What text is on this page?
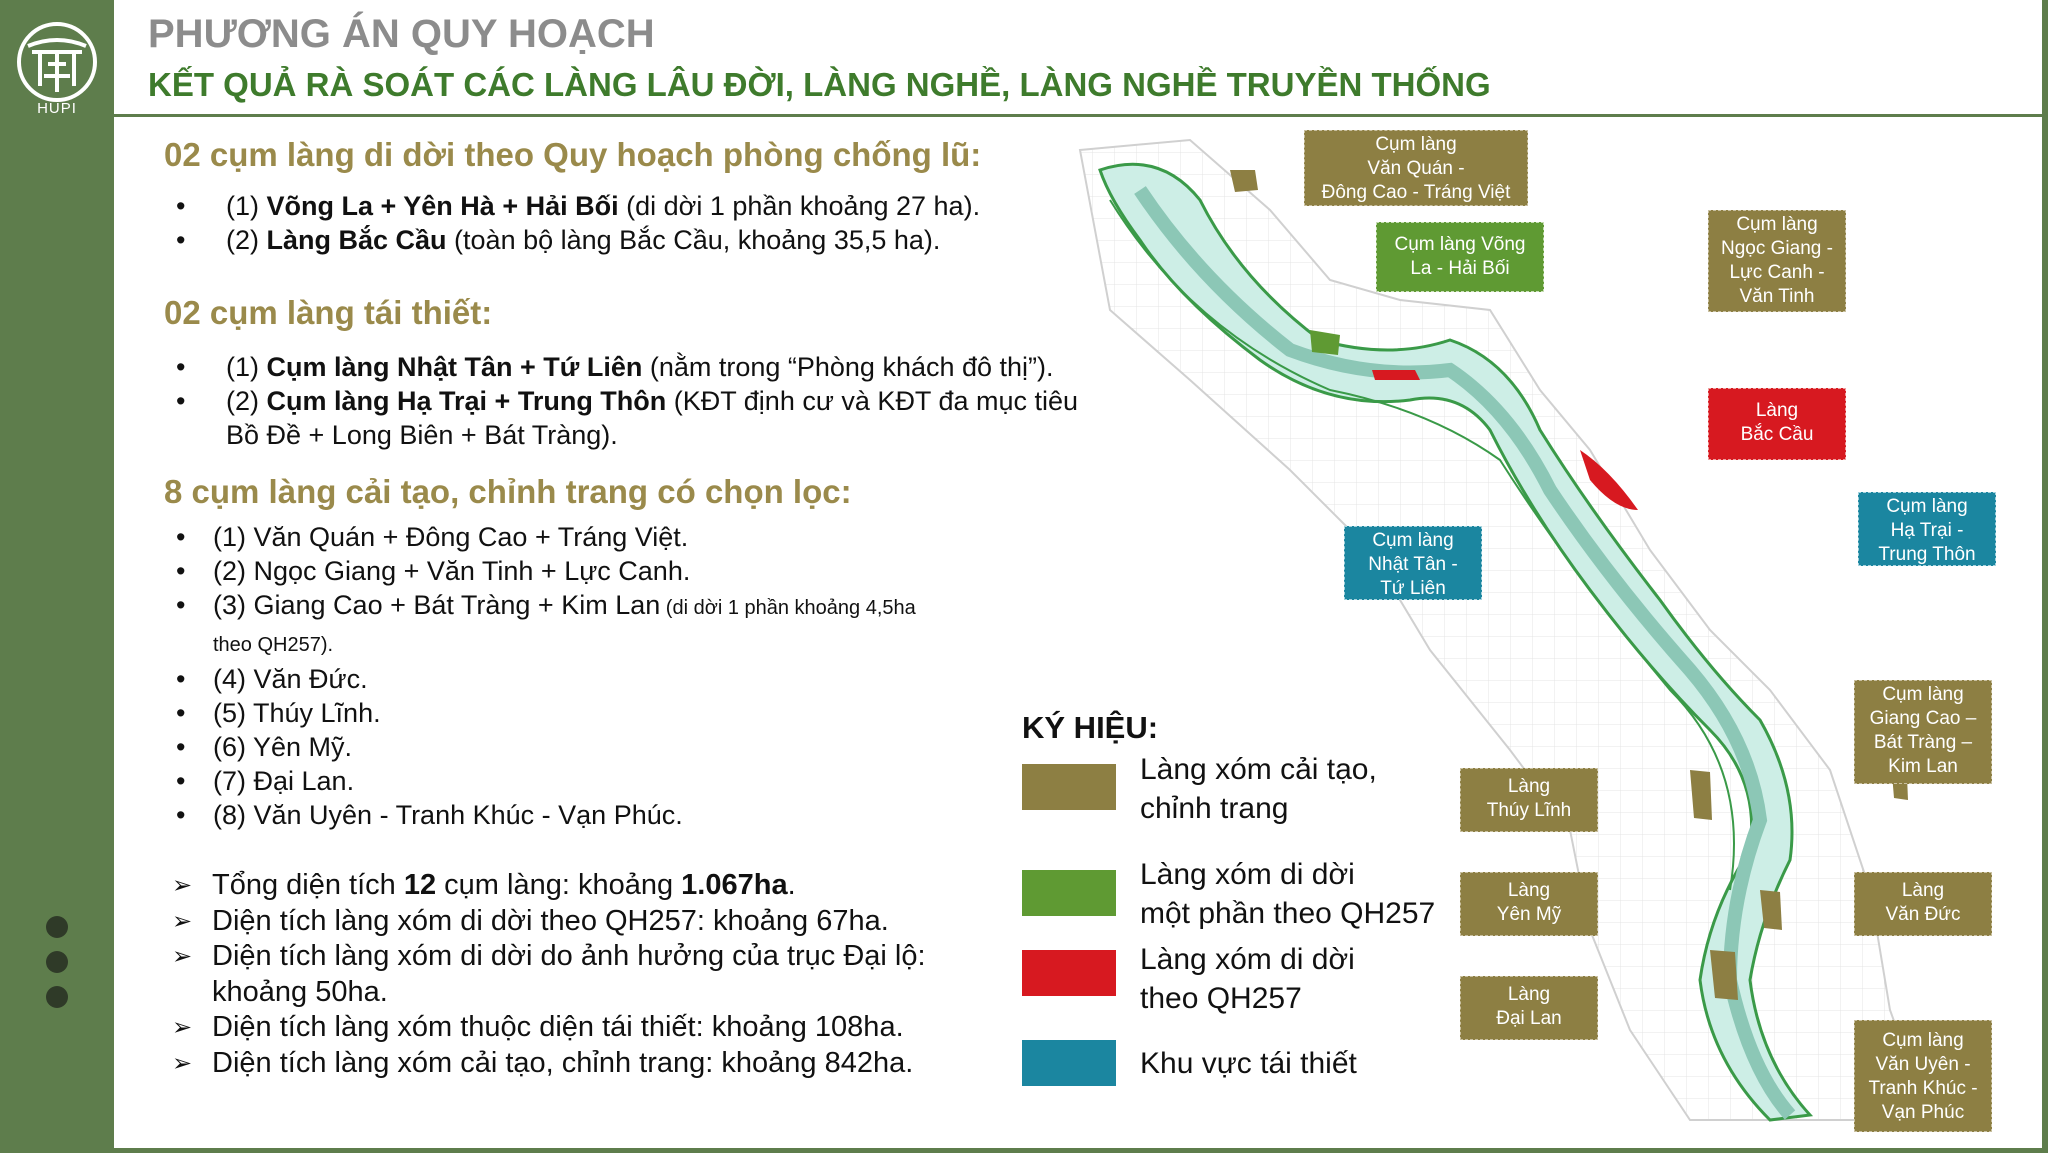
HUPI
PHƯƠNG ÁN QUY HOẠCH
KẾT QUẢ RÀ SOÁT CÁC LÀNG LÂU ĐỜI, LÀNG NGHỀ, LÀNG NGHỀ TRUYỀN THỐNG
02 cụm làng di dời theo Quy hoạch phòng chống lũ:
• (1) Võng La + Yên Hà + Hải Bối (di dời 1 phần khoảng 27 ha).
• (2) Làng Bắc Cầu (toàn bộ làng Bắc Cầu, khoảng 35,5 ha).
02 cụm làng tái thiết:
• (1) Cụm làng Nhật Tân + Tứ Liên (nằm trong “Phòng khách đô thị”).
• (2) Cụm làng Hạ Trại + Trung Thôn (KĐT định cư và KĐT đa mục tiêu
Bồ Đề + Long Biên + Bát Tràng).
8 cụm làng cải tạo, chỉnh trang có chọn lọc:
• (1) Văn Quán + Đông Cao + Tráng Việt.
• (2) Ngọc Giang + Văn Tinh + Lực Canh.
• (3) Giang Cao + Bát Tràng + Kim Lan (di dời 1 phần khoảng 4,5ha
theo QH257).
• (4) Văn Đức.
• (5) Thúy Lĩnh.
• (6) Yên Mỹ.
• (7) Đại Lan.
• (8) Văn Uyên - Tranh Khúc - Vạn Phúc.
➢ Tổng diện tích 12 cụm làng: khoảng 1.067ha.
➢ Diện tích làng xóm di dời theo QH257: khoảng 67ha.
➢ Diện tích làng xóm di dời do ảnh hưởng của trục Đại lộ:
khoảng 50ha.
➢ Diện tích làng xóm thuộc diện tái thiết: khoảng 108ha.
➢ Diện tích làng xóm cải tạo, chỉnh trang: khoảng 842ha.
Cụm làng
Văn Quán -
Đông Cao - Tráng Việt
Cụm làng Võng
La - Hải Bối
Cụm làng
Ngọc Giang -
Lực Canh -
Văn Tinh
Làng
Bắc Cầu
Cụm làng
Nhật Tân -
Tứ Liên
Cụm làng
Hạ Trại -
Trung Thôn
Cụm làng
Giang Cao –
Bát Tràng –
Kim Lan
Làng
Thúy Lĩnh
Làng
Yên Mỹ
Làng
Văn Đức
Làng
Đại Lan
Cụm làng
Văn Uyên -
Tranh Khúc -
Vạn Phúc
KÝ HIỆU:
Làng xóm cải tạo,
chỉnh trang
Làng xóm di dời
một phần theo QH257
Làng xóm di dời
theo QH257
Khu vực tái thiết
